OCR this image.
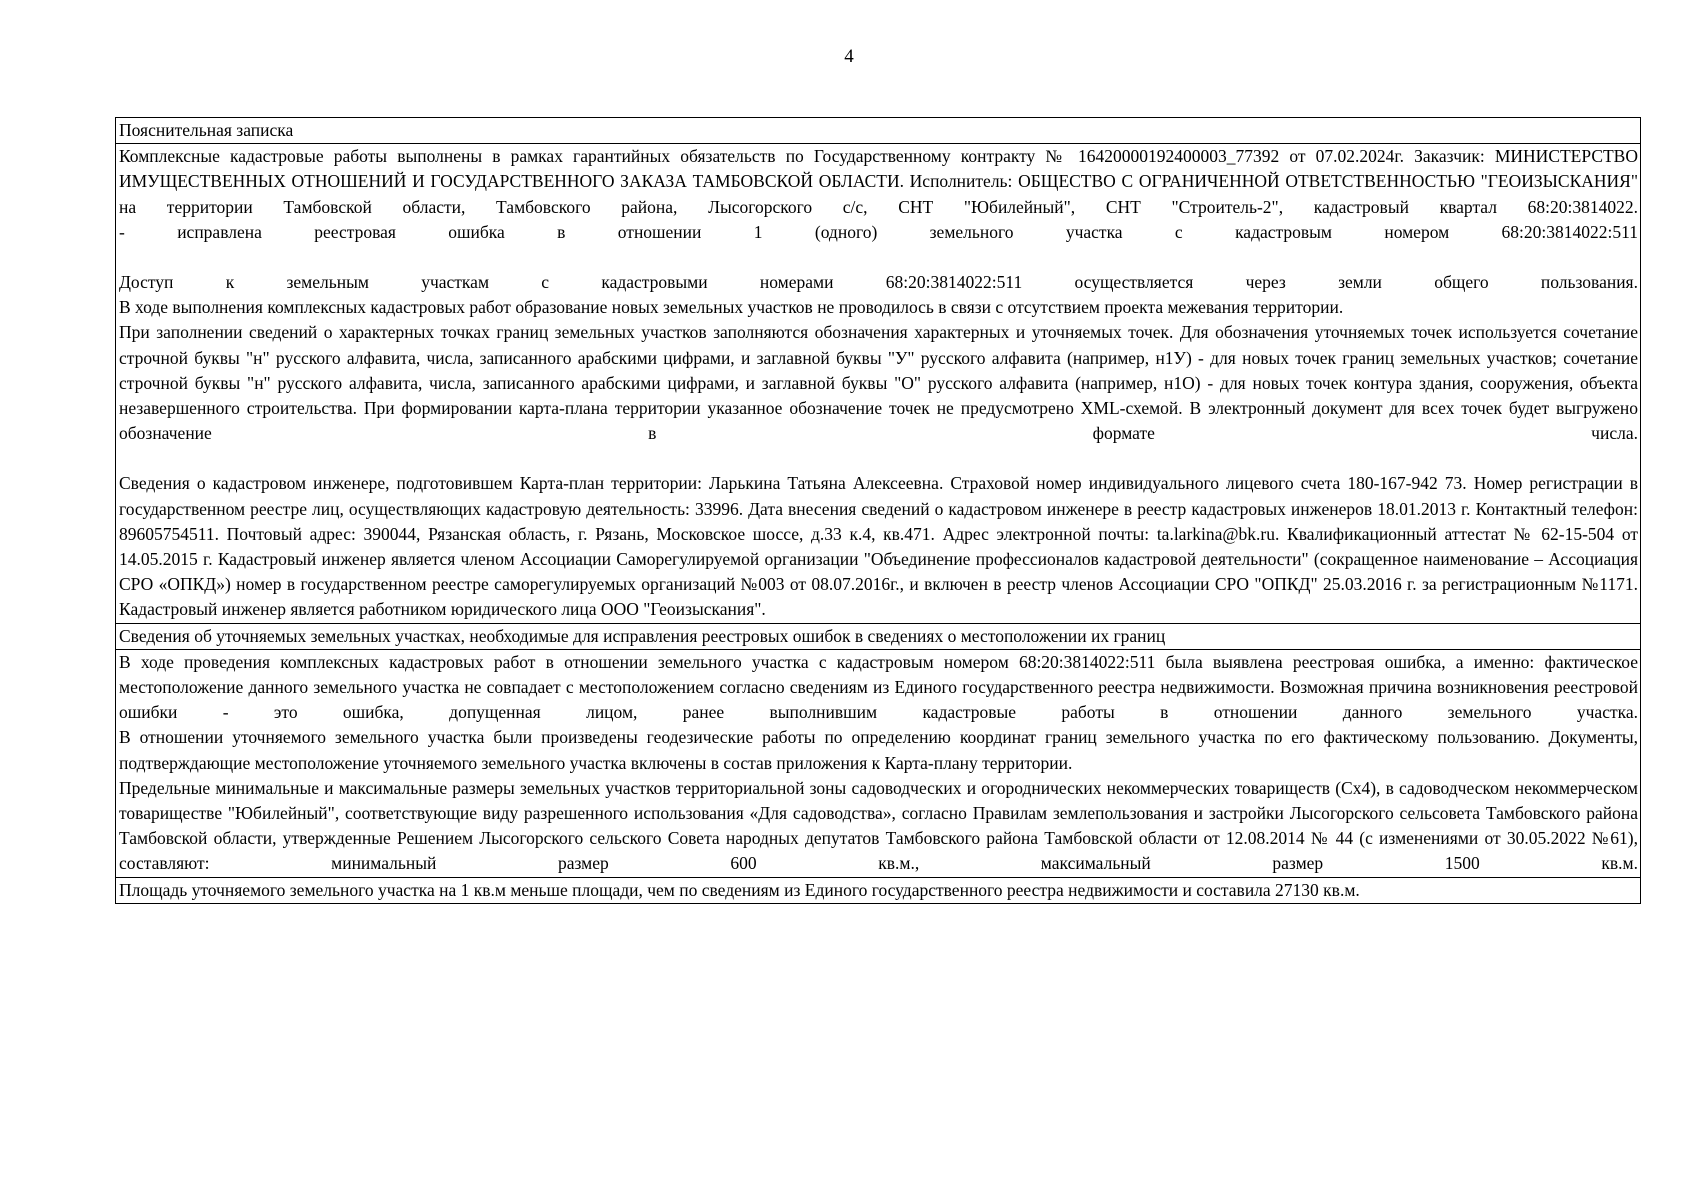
4
Пояснительная записка

Комплексные кадастровые работы выполнены в рамках гарантийных обязательств по Государственному контракту № 16420000192400003_77392 от 07.02.2024г. Заказчик: МИНИСТЕРСТВО ИМУЩЕСТВЕННЫХ ОТНОШЕНИЙ И ГОСУДАРСТВЕННОГО ЗАКАЗА ТАМБОВСКОЙ ОБЛАСТИ. Исполнитель: ОБЩЕСТВО С ОГРАНИЧЕННОЙ ОТВЕТСТВЕННОСТЬЮ "ГЕОИЗЫСКАНИЯ" на территории Тамбовской области, Тамбовского района, Лысогорского с/с, СНТ "Юбилейный", СНТ "Строитель-2", кадастровый квартал 68:20:3814022.

- исправлена реестровая ошибка в отношении 1 (одного) земельного участка с кадастровым номером 68:20:3814022:511

Доступ к земельным участкам с кадастровыми номерами 68:20:3814022:511 осуществляется через земли общего пользования.

В ходе выполнения комплексных кадастровых работ образование новых земельных участков не проводилось в связи с отсутствием проекта межевания территории.

При заполнении сведений о характерных точках границ земельных участков заполняются обозначения характерных и уточняемых точек. Для обозначения уточняемых точек используется сочетание строчной буквы "н" русского алфавита, числа, записанного арабскими цифрами, и заглавной буквы "У" русского алфавита (например, н1У) - для новых точек границ земельных участков; сочетание строчной буквы "н" русского алфавита, числа, записанного арабскими цифрами, и заглавной буквы "О" русского алфавита (например, н1О) - для новых точек контура здания, сооружения, объекта незавершенного строительства. При формировании карта-плана территории указанное обозначение точек не предусмотрено XML-схемой. В электронный документ для всех точек будет выгружено обозначение в формате числа.

Сведения о кадастровом инженере, подготовившем Карта-план территории: Ларькина Татьяна Алексеевна. Страховой номер индивидуального лицевого счета 180-167-942 73. Номер регистрации в государственном реестре лиц, осуществляющих кадастровую деятельность: 33996. Дата внесения сведений о кадастровом инженере в реестр кадастровых инженеров 18.01.2013 г. Контактный телефон: 89605754511. Почтовый адрес: 390044, Рязанская область, г. Рязань, Московское шоссе, д.33 к.4, кв.471. Адрес электронной почты: ta.larkina@bk.ru. Квалификационный аттестат № 62-15-504 от 14.05.2015 г. Кадастровый инженер является членом Ассоциации Саморегулируемой организации "Объединение профессионалов кадастровой деятельности" (сокращенное наименование – Ассоциация СРО «ОПКД») номер в государственном реестре саморегулируемых организаций №003 от 08.07.2016г., и включен в реестр членов Ассоциации СРО "ОПКД" 25.03.2016 г. за регистрационным №1171. Кадастровый инженер является работником юридического лица ООО "Геоизыскания".

Сведения об уточняемых земельных участках, необходимые для исправления реестровых ошибок в сведениях о местоположении их границ

В ходе проведения комплексных кадастровых работ в отношении земельного участка с кадастровым номером 68:20:3814022:511 была выявлена реестровая ошибка, а именно: фактическое местоположение данного земельного участка не совпадает с местоположением согласно сведениям из Единого государственного реестра недвижимости. Возможная причина возникновения реестровой ошибки - это ошибка, допущенная лицом, ранее выполнившим кадастровые работы в отношении данного земельного участка.

В отношении уточняемого земельного участка были произведены геодезические работы по определению координат границ земельного участка по его фактическому пользованию. Документы, подтверждающие местоположение уточняемого земельного участка включены в состав приложения к Карта-плану территории.

Предельные минимальные и максимальные размеры земельных участков территориальной зоны садоводческих и огороднических некоммерческих товариществ (Сх4), в садоводческом некоммерческом товариществе "Юбилейный", соответствующие виду разрешенного использования «Для садоводства», согласно Правилам землепользования и застройки Лысогорского сельсовета Тамбовского района Тамбовской области, утвержденные Решением Лысогорского сельского Совета народных депутатов Тамбовского района Тамбовской области от 12.08.2014 № 44 (с изменениями от 30.05.2022 №61), составляют: минимальный размер 600 кв.м., максимальный размер 1500 кв.м.

Площадь уточняемого земельного участка на 1 кв.м меньше площади, чем по сведениям из Единого государственного реестра недвижимости и составила 27130 кв.м.
